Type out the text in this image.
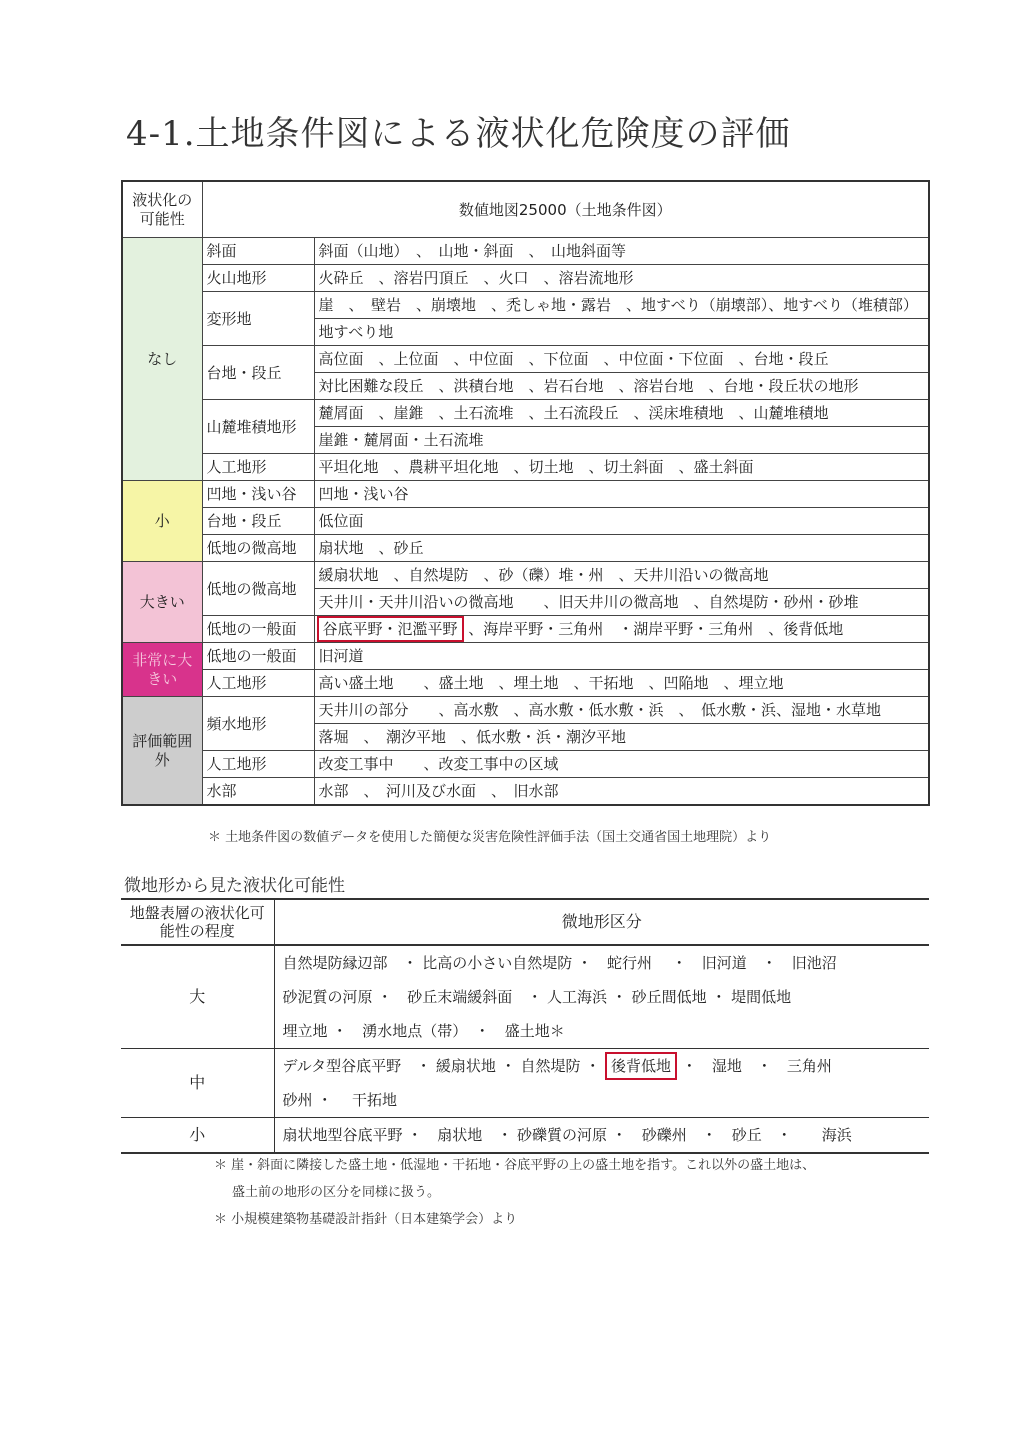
4-1.土地条件図による液状化危険度の評価
液状化の可能性	数値地図25000（土地条件図）	
なし	斜面	斜面（山地）　、　山地・斜面　、　山地斜面等
	火山地形	火砕丘　、溶岩円頂丘　、火口　、溶岩流地形
	変形地	崖　、　壁岩　、崩壊地　、禿しゃ地・露岩　、地すべり（崩壊部）、地すべり（堆積部）
		地すべり地
	台地・段丘	高位面　、上位面　、中位面　、下位面　、中位面・下位面　、台地・段丘
		対比困難な段丘　、洪積台地　、岩石台地　、溶岩台地　、台地・段丘状の地形
	山麓堆積地形	麓屑面　、崖錐　、土石流堆　、土石流段丘　、渓床堆積地　、山麓堆積地
		崖錐・麓屑面・土石流堆
	人工地形	平坦化地　、農耕平坦化地　、切土地　、切土斜面　、盛土斜面
小	凹地・浅い谷	凹地・浅い谷
	台地・段丘	低位面
	低地の微高地	扇状地　、砂丘
大きい	低地の微高地	緩扇状地　、自然堤防　、砂（礫）堆・州　、天井川沿いの微高地
		天井川・天井川沿いの微高地　　、旧天井川の微高地　、自然堤防・砂州・砂堆
	低地の一般面	谷底平野・氾濫平野 、海岸平野・三角州　・湖岸平野・三角州　、後背低地
非常に大きい	低地の一般面	旧河道
	人工地形	高い盛土地　　、盛土地　、埋土地　、干拓地　、凹陥地　、埋立地
評価範囲外	頻水地形	天井川の部分　　、高水敷　、高水敷・低水敷・浜　、　低水敷・浜、湿地・水草地
		落堀　、　潮汐平地　、低水敷・浜・潮汐平地
	人工地形	改変工事中　　、改変工事中の区域
	水部	水部　、　河川及び水面　、　旧水部
＊ 土地条件図の数値データを使用した簡便な災害危険性評価手法（国土交通省国土地理院）より
微地形から見た液状化可能性
地盤表層の液状化可能性の程度	微地形区分
大	自然堤防縁辺部　・ 比高の小さい自然堤防 ・　蛇行州　 ・　旧河道　・　旧池沼
	砂泥質の河原 ・　砂丘末端緩斜面　・ 人工海浜 ・ 砂丘間低地 ・ 堤間低地
	埋立地 ・　湧水地点（帯）　・　盛土地＊
中	デルタ型谷底平野　・ 緩扇状地 ・ 自然堤防 ・ 後背低地 ・　湿地　・　三角州
	砂州 ・　 干拓地
小	扇状地型谷底平野 ・　扇状地　・ 砂礫質の河原 ・　砂礫州　・　砂丘　・　　海浜
＊ 崖・斜面に隣接した盛土地・低湿地・干拓地・谷底平野の上の盛土地を指す。これ以外の盛土地は、
盛土前の地形の区分を同様に扱う。
＊ 小規模建築物基礎設計指針（日本建築学会）より
